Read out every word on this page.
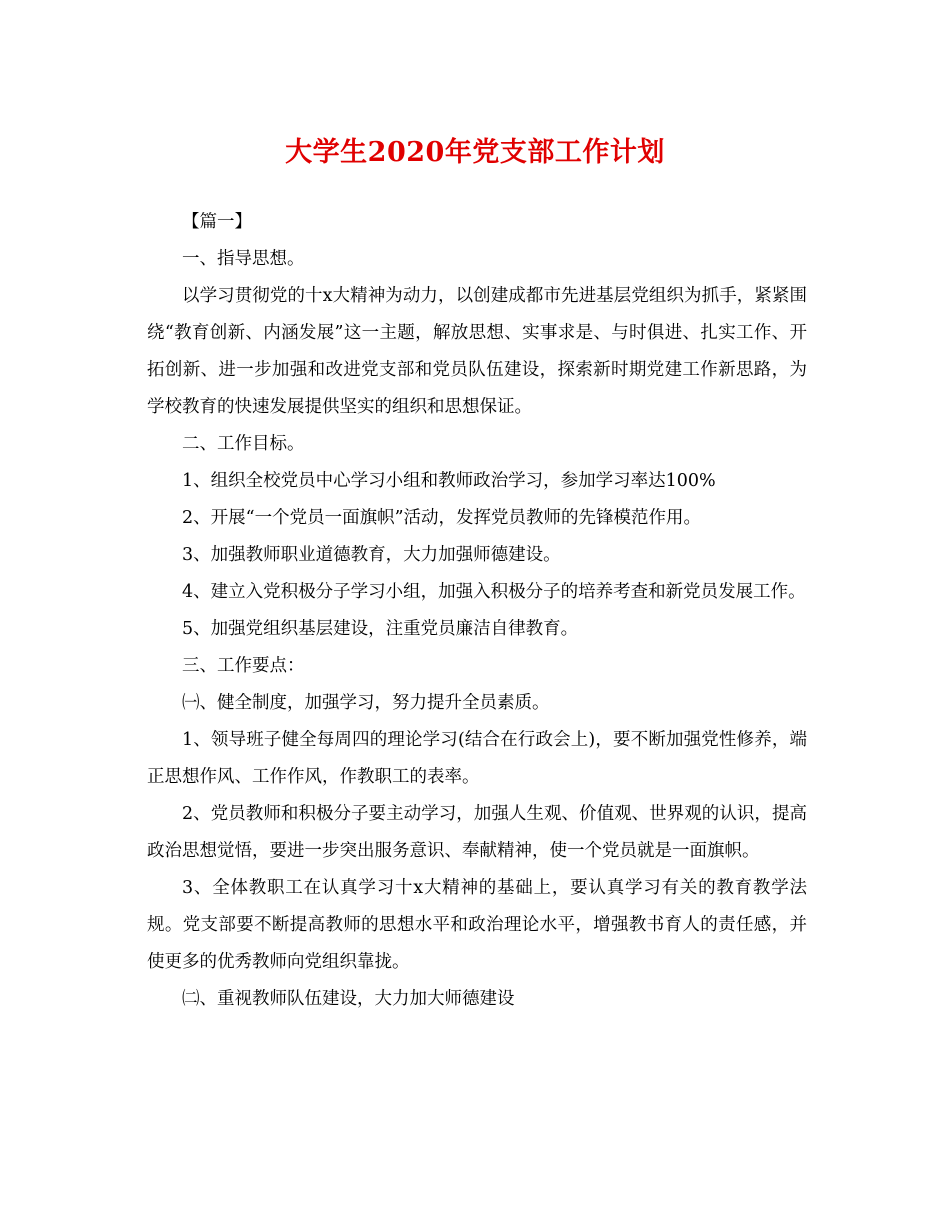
大学生2020年党支部工作计划

【篇一】

一、指导思想。

以学习贯彻党的十x大精神为动力，以创建成都市先进基层党组织为抓手，紧紧围绕“教育创新、内涵发展”这一主题，解放思想、实事求是、与时俱进、扎实工作、开拓创新、进一步加强和改进党支部和党员队伍建设，探索新时期党建工作新思路，为学校教育的快速发展提供坚实的组织和思想保证。

二、工作目标。

1、组织全校党员中心学习小组和教师政治学习，参加学习率达100%

2、开展“一个党员一面旗帜”活动，发挥党员教师的先锋模范作用。

3、加强教师职业道德教育，大力加强师德建设。

4、建立入党积极分子学习小组，加强入积极分子的培养考查和新党员发展工作。

5、加强党组织基层建设，注重党员廉洁自律教育。

三、工作要点：

㈠、健全制度，加强学习，努力提升全员素质。

1、领导班子健全每周四的理论学习(结合在行政会上)，要不断加强党性修养，端正思想作风、工作作风，作教职工的表率。

2、党员教师和积极分子要主动学习，加强人生观、价值观、世界观的认识，提高政治思想觉悟，要进一步突出服务意识、奉献精神，使一个党员就是一面旗帜。

3、全体教职工在认真学习十x大精神的基础上，要认真学习有关的教育教学法规。党支部要不断提高教师的思想水平和政治理论水平，增强教书育人的责任感，并使更多的优秀教师向党组织靠拢。

㈡、重视教师队伍建设，大力加大师德建设
